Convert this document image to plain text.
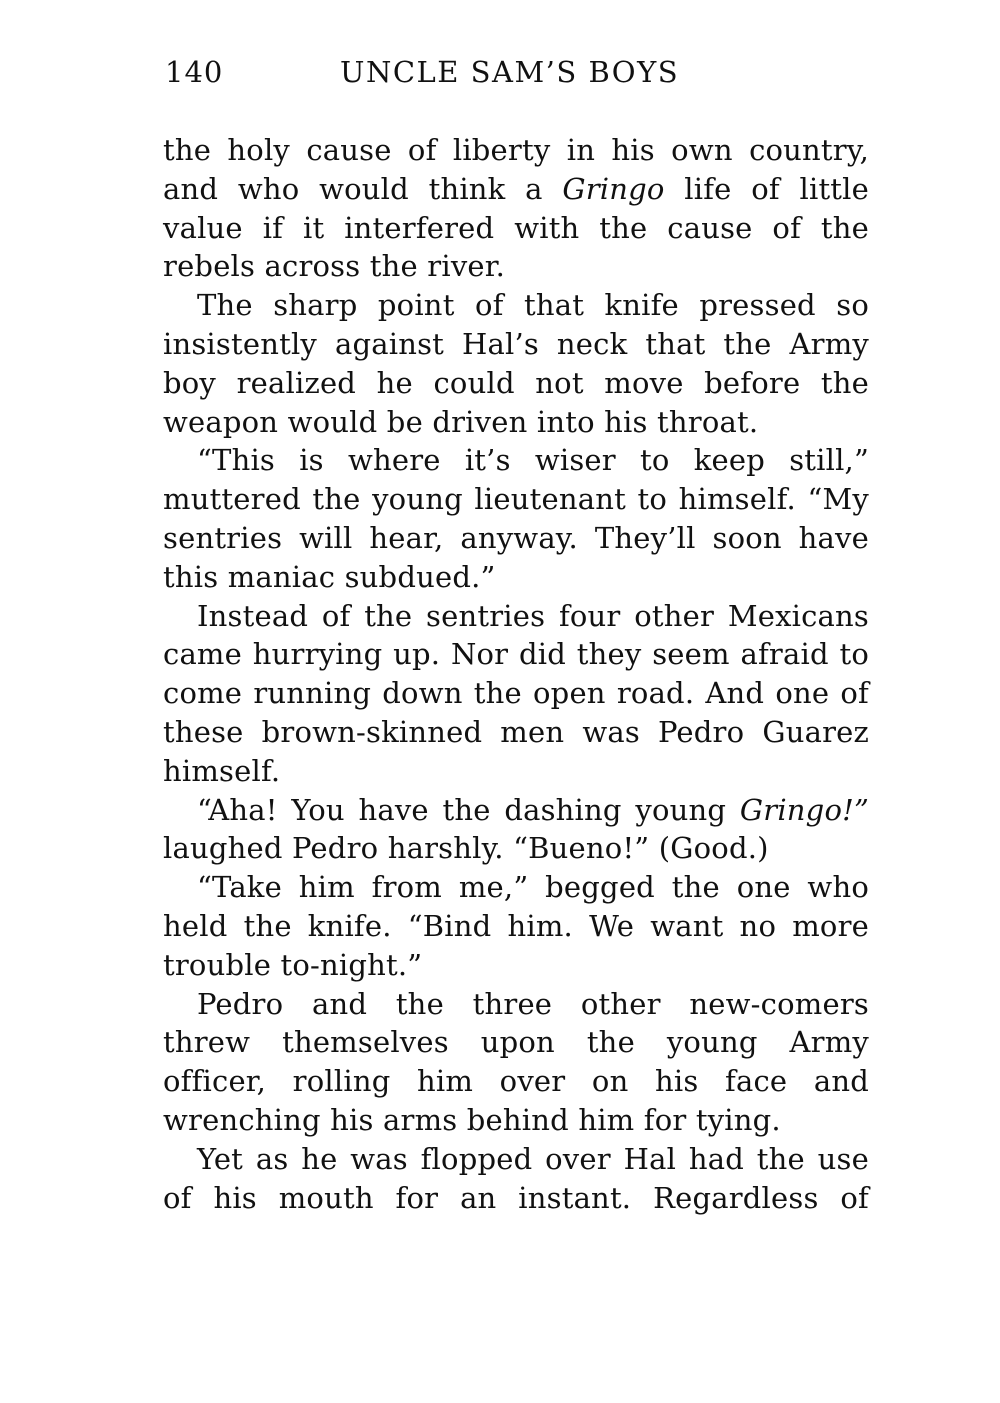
140	UNCLE SAM’S BOYS

the holy cause of liberty in his own country, and who would think a Gringo life of little value if it interfered with the cause of the rebels across the river.

The sharp point of that knife pressed so insistently against Hal’s neck that the Army boy realized he could not move before the weapon would be driven into his throat.

“This is where it’s wiser to keep still,” muttered the young lieutenant to himself. “My sentries will hear, anyway. They’ll soon have this maniac subdued.”

Instead of the sentries four other Mexicans came hurrying up. Nor did they seem afraid to come running down the open road. And one of these brown-skinned men was Pedro Guarez himself.

“Aha! You have the dashing young Gringo!” laughed Pedro harshly. “Bueno!” (Good.)

“Take him from me,” begged the one who held the knife. “Bind him. We want no more trouble to-night.”

Pedro and the three other new-comers threw themselves upon the young Army officer, rolling him over on his face and wrenching his arms behind him for tying.

Yet as he was flopped over Hal had the use of his mouth for an instant. Regardless of
